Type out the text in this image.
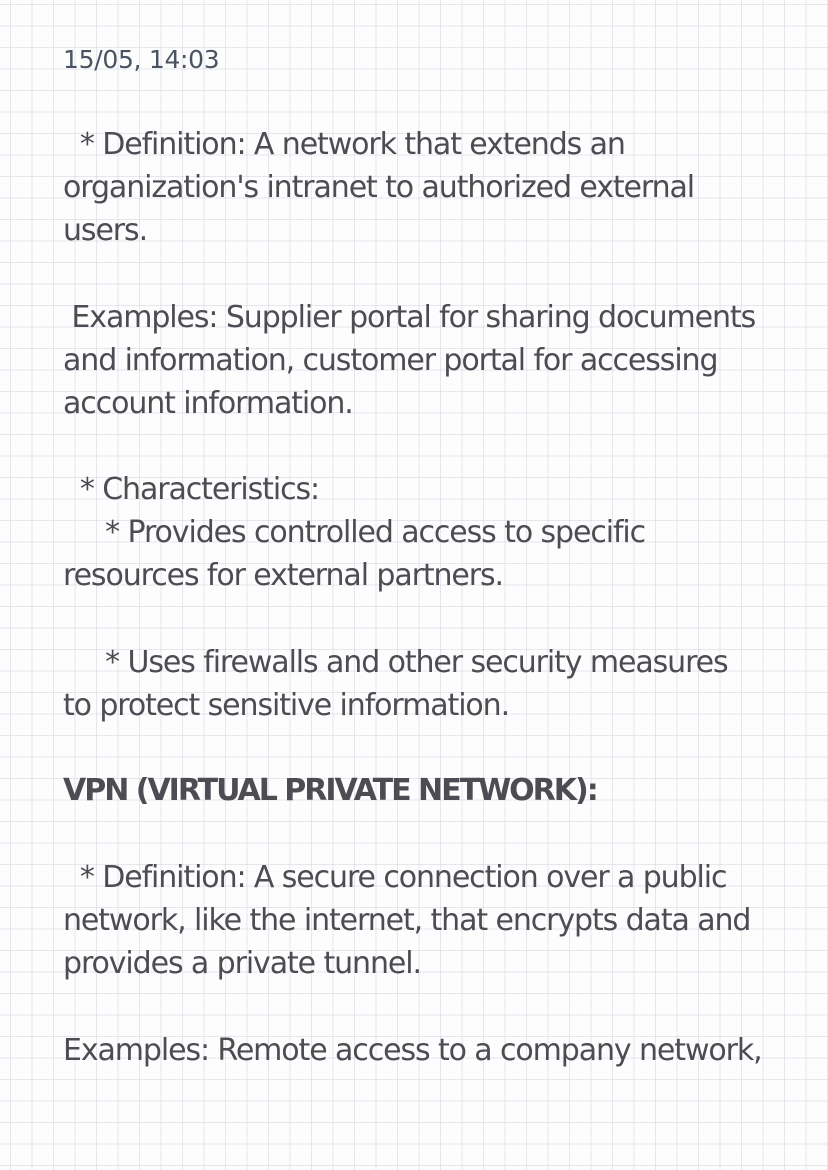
15/05, 14:03
* Definition: A network that extends an
organization's intranet to authorized external
users.
Examples: Supplier portal for sharing documents
and information, customer portal for accessing
account information.
* Characteristics:
* Provides controlled access to specific
resources for external partners.
* Uses firewalls and other security measures
to protect sensitive information.
VPN (VIRTUAL PRIVATE NETWORK):
* Definition: A secure connection over a public
network, like the internet, that encrypts data and
provides a private tunnel.
Examples: Remote access to a company network,
